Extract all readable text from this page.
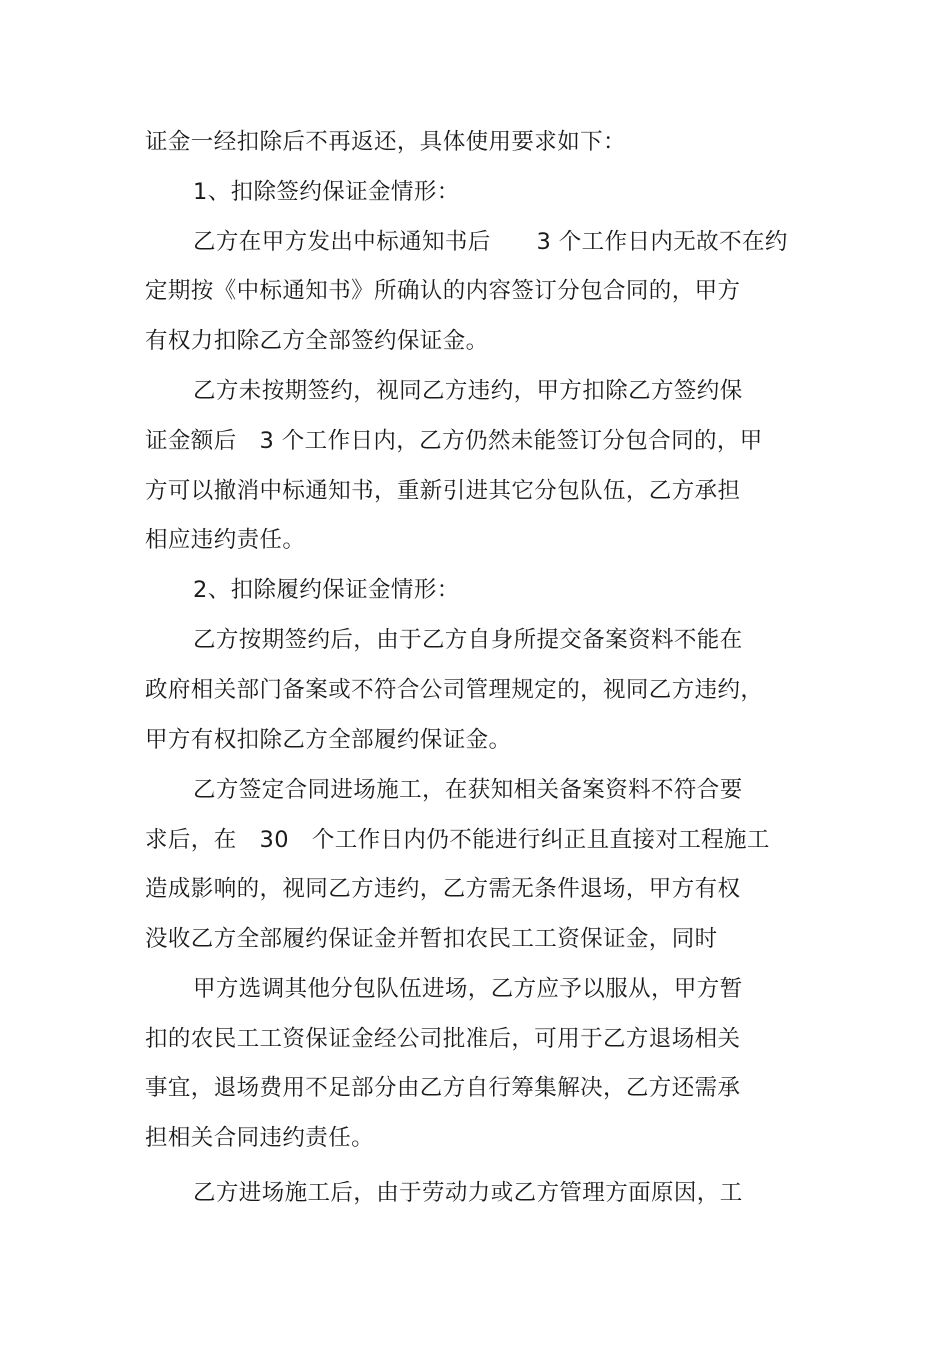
证金一经扣除后不再返还，具体使用要求如下：
1、扣除签约保证金情形：
乙方在甲方发出中标通知书后　　3 个工作日内无故不在约
定期按《中标通知书》所确认的内容签订分包合同的，甲方
有权力扣除乙方全部签约保证金。
乙方未按期签约，视同乙方违约，甲方扣除乙方签约保
证金额后　3 个工作日内，乙方仍然未能签订分包合同的，甲
方可以撤消中标通知书，重新引进其它分包队伍，乙方承担
相应违约责任。
2、扣除履约保证金情形：
乙方按期签约后，由于乙方自身所提交备案资料不能在
政府相关部门备案或不符合公司管理规定的，视同乙方违约，
甲方有权扣除乙方全部履约保证金。
乙方签定合同进场施工，在获知相关备案资料不符合要
求后，在　30　个工作日内仍不能进行纠正且直接对工程施工
造成影响的，视同乙方违约，乙方需无条件退场，甲方有权
没收乙方全部履约保证金并暂扣农民工工资保证金，同时
甲方选调其他分包队伍进场，乙方应予以服从，甲方暂
扣的农民工工资保证金经公司批准后，可用于乙方退场相关
事宜，退场费用不足部分由乙方自行筹集解决，乙方还需承
担相关合同违约责任。
乙方进场施工后，由于劳动力或乙方管理方面原因，工
